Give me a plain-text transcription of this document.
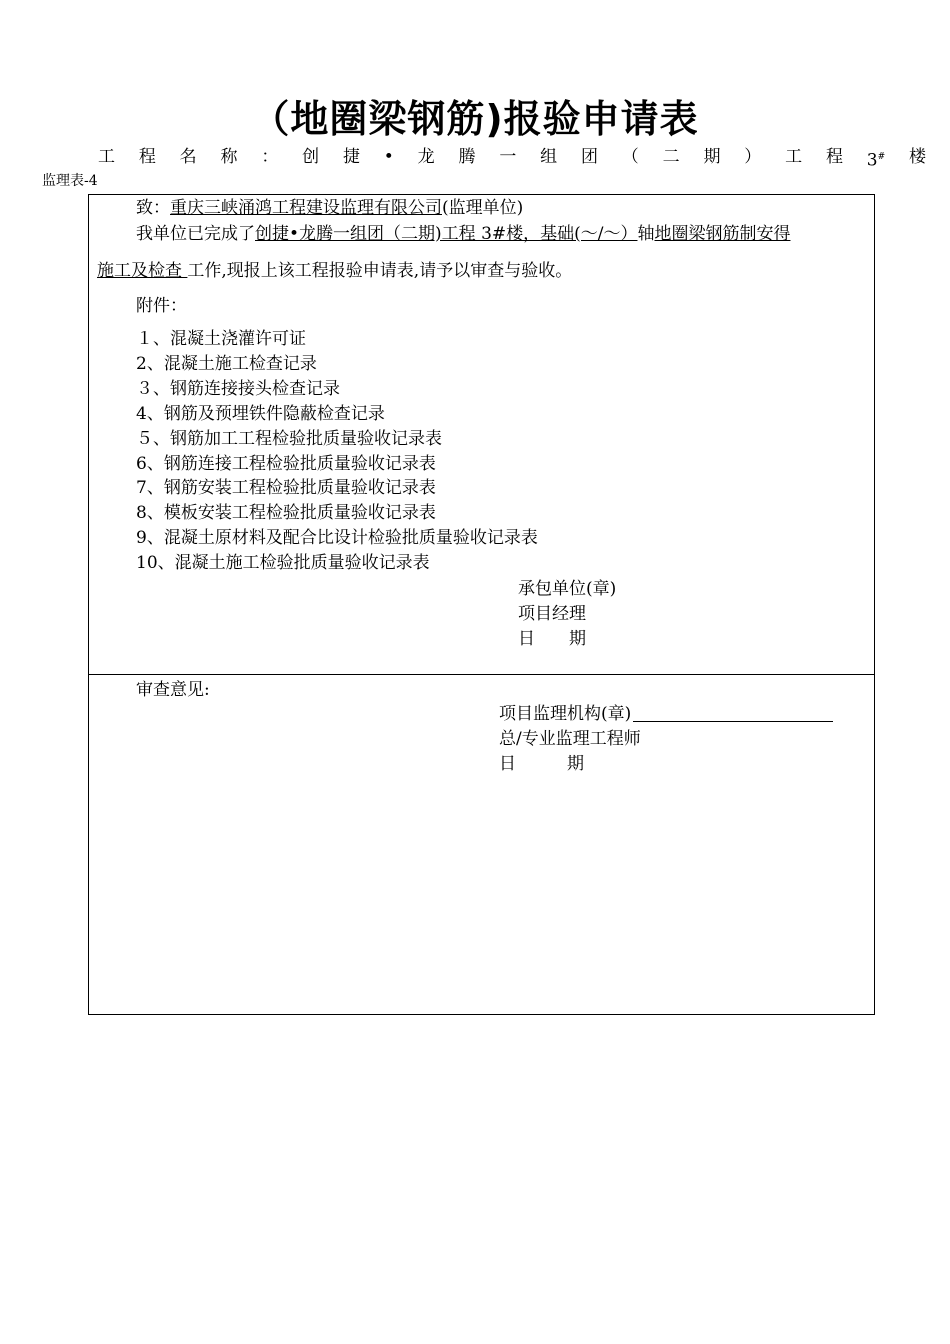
（地圈梁钢筋)报验申请表
工 程 名 称 ： 创 捷 • 龙 腾 一 组 团 （ 二 期 ） 工 程 3# 楼
监理表-4
致：重庆三峡涌鸿工程建设监理有限公司(监理单位)
我单位已完成了创捷•龙腾一组团（二期)工程 3#楼，基础(～/～）轴地圈梁钢筋制安得
施工及检查 工作,现报上该工程报验申请表,请予以审查与验收。
附件：
１、混凝土浇灌许可证
2、混凝土施工检查记录
３、钢筋连接接头检查记录
4、钢筋及预埋铁件隐蔽检查记录
５、钢筋加工工程检验批质量验收记录表
6、钢筋连接工程检验批质量验收记录表
7、钢筋安装工程检验批质量验收记录表
8、模板安装工程检验批质量验收记录表
9、混凝土原材料及配合比设计检验批质量验收记录表
10、混凝土施工检验批质量验收记录表
承包单位(章)
项目经理
日　　期
审查意见:
项目监理机构(章)
总/专业监理工程师
日　　　期
